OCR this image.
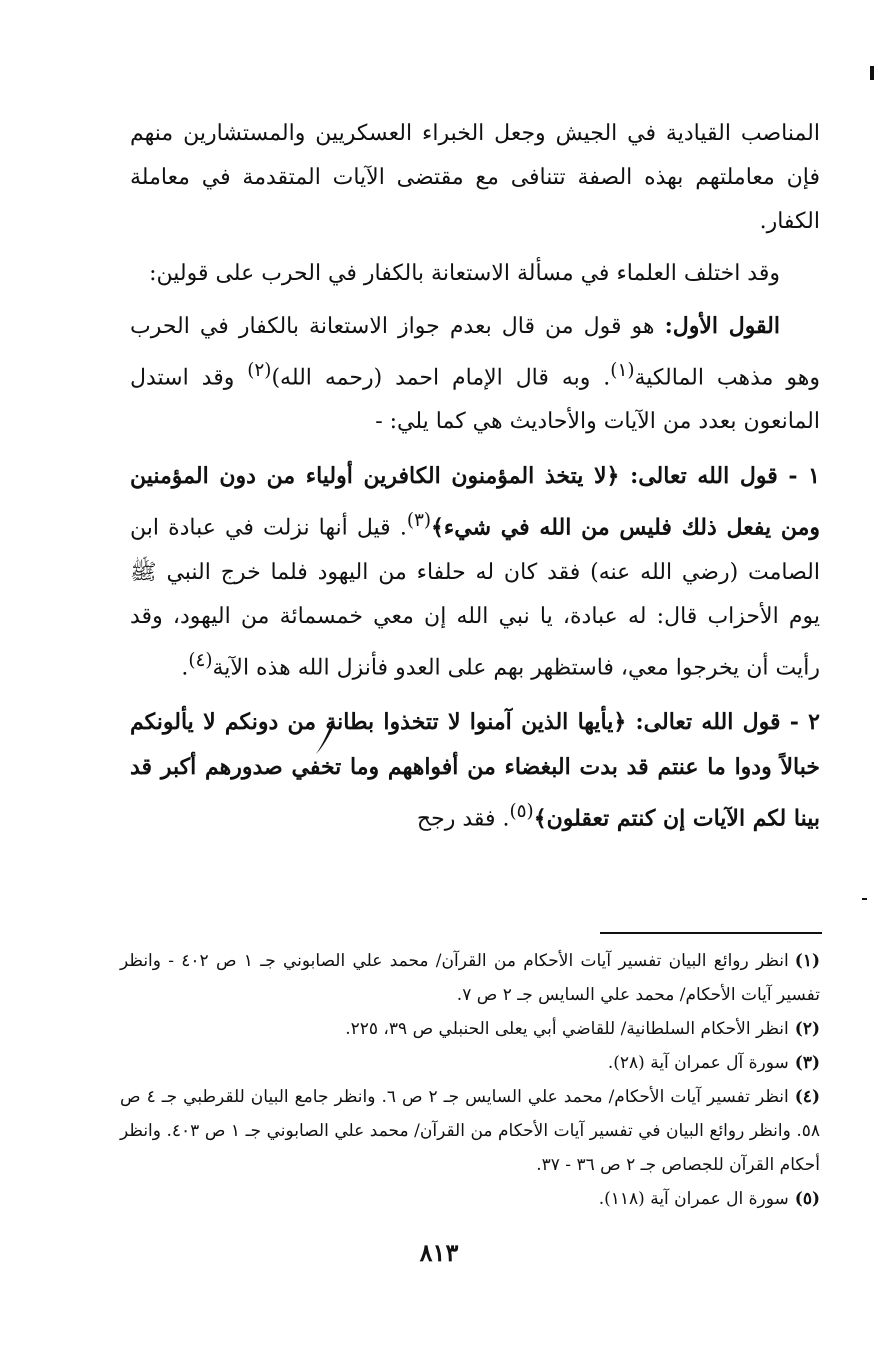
المناصب القيادية في الجيش وجعل الخبراء العسكريين والمستشارين منهم فإن معاملتهم بهذه الصفة تتنافى مع مقتضى الآيات المتقدمة في معاملة الكفار.

وقد اختلف العلماء في مسألة الاستعانة بالكفار في الحرب على قولين:

القول الأول: هو قول من قال بعدم جواز الاستعانة بالكفار في الحرب وهو مذهب المالكية$^{(١)}$. وبه قال الإمام احمد (رحمه الله)$^{(٢)}$ وقد استدل المانعون بعدد من الآيات والأحاديث هي كما يلي: -

١ - قول الله تعالى: ﴿لا يتخذ المؤمنون الكافرين أولياء من دون المؤمنين ومن يفعل ذلك فليس من الله في شيء﴾$^{(٣)}$. قيل أنها نزلت في عبادة ابن الصامت (رضي الله عنه) فقد كان له حلفاء من اليهود فلما خرج النبي ﷺ يوم الأحزاب قال: له عبادة، يا نبي الله إن معي خمسمائة من اليهود، وقد رأيت أن يخرجوا معي، فاستظهر بهم على العدو فأنزل الله هذه الآية$^{(٤)}$.

٢ - قول الله تعالى: ﴿يأيها الذين آمنوا لا تتخذوا بطانة من دونكم لا يألونكم خبالاً ودوا ما عنتم قد بدت البغضاء من أفواههم وما تخفي صدورهم أكبر قد بينا لكم الآيات إن كنتم تعقلون﴾$^{(٥)}$. فقد رجح

(١)انظر روائع البيان تفسير آيات الأحكام من القرآن/ محمد علي الصابوني جـ ١ ص ٤٠٢ - وانظر تفسير آيات الأحكام/ محمد علي السايس جـ ٢ ص ٧.

(٢)انظر الأحكام السلطانية/ للقاضي أبي يعلى الحنبلي ص ٣٩، ٢٢٥.

(٣)سورة آل عمران آية (٢٨).

(٤)انظر تفسير آيات الأحكام/ محمد علي السايس جـ ٢ ص ٦. وانظر جامع البيان للقرطبي جـ ٤ ص ٥٨. وانظر روائع البيان في تفسير آيات الأحكام من القرآن/ محمد علي الصابوني جـ ١ ص ٤٠٣. وانظر أحكام القرآن للجصاص جـ ٢ ص ٣٦ - ٣٧.

(٥)سورة ال عمران آية (١١٨).

٨١٣
